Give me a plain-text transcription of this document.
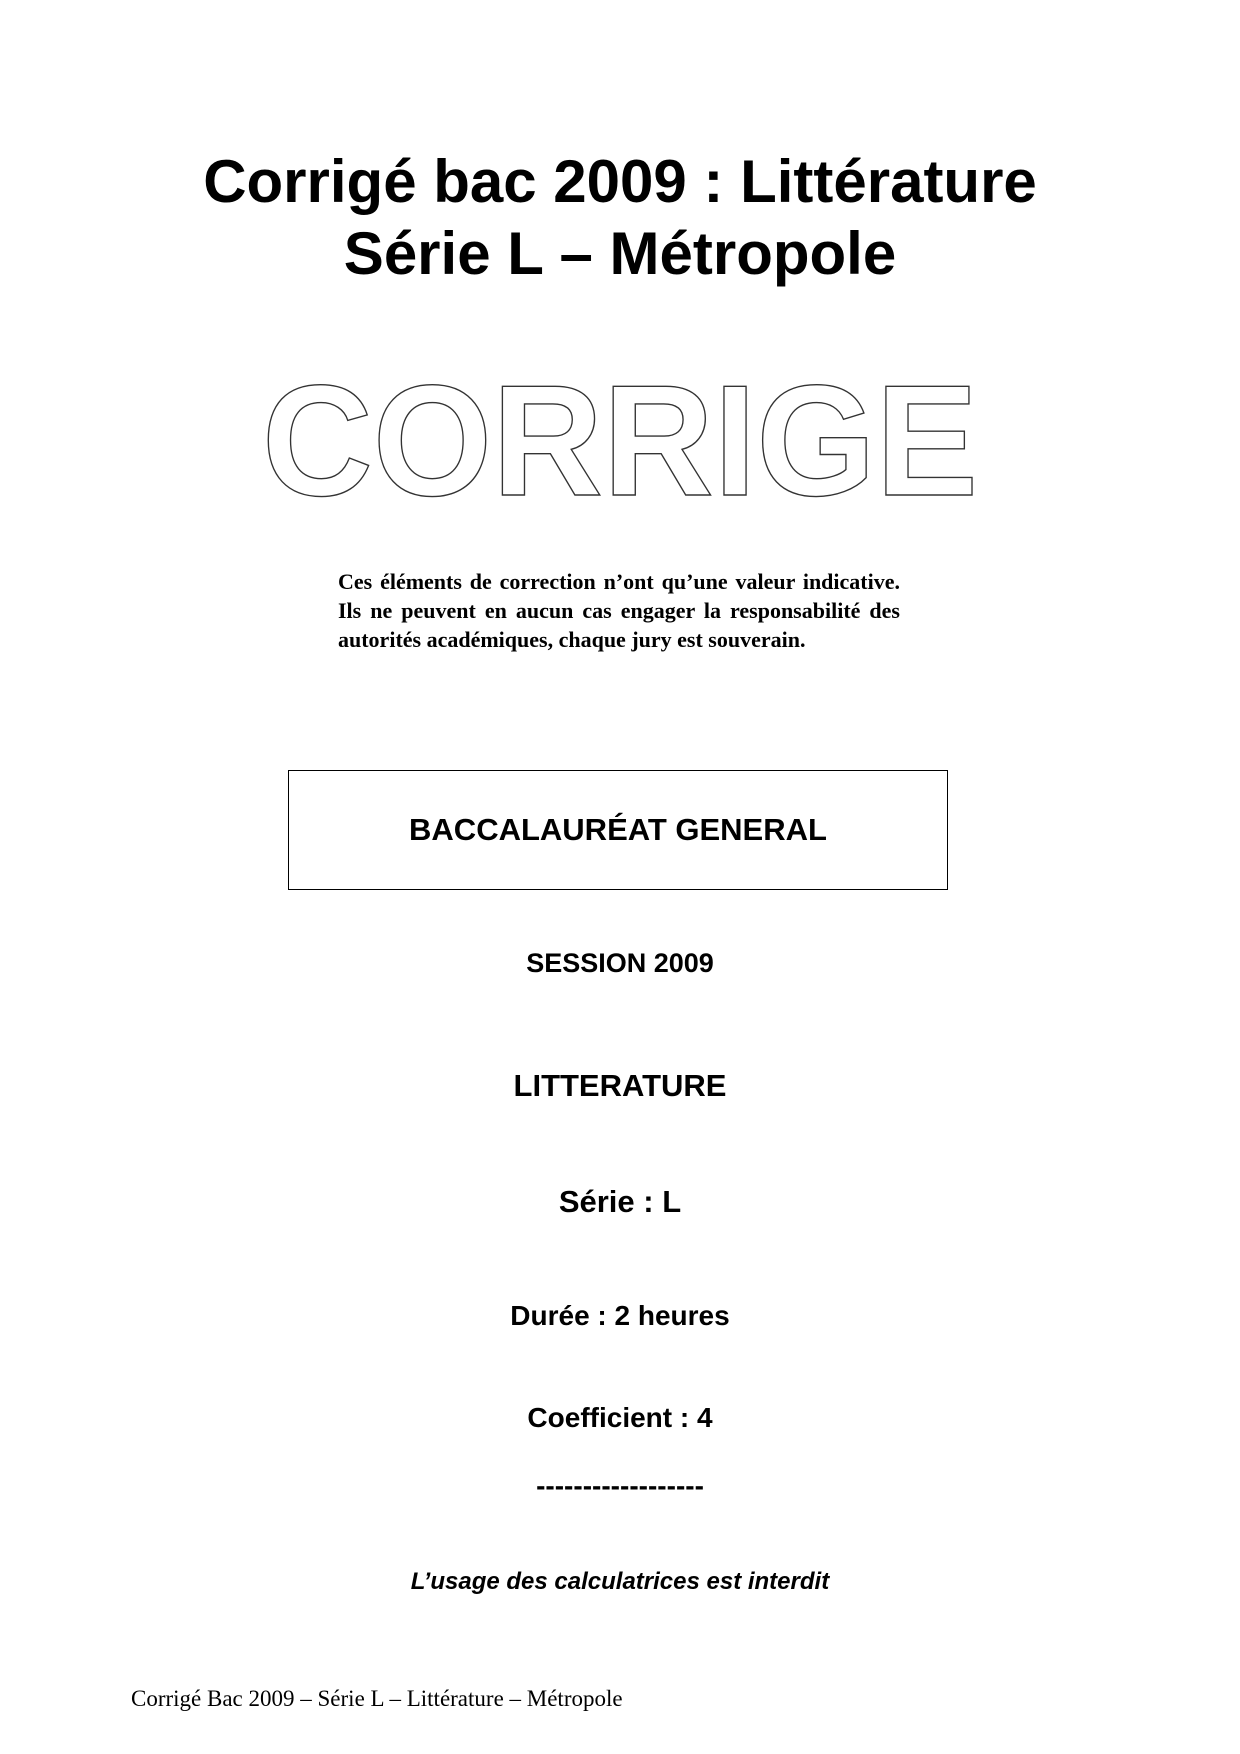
Corrigé bac 2009 : Littérature
Série L – Métropole
CORRIGE

Ces éléments de correction n’ont qu’une valeur indicative. Ils ne peuvent en aucun cas engager la responsabilité des autorités académiques, chaque jury est souverain.

BACCALAURÉAT GENERAL

SESSION 2009

LITTERATURE

Série : L

Durée : 2 heures

Coefficient : 4

------------------

L’usage des calculatrices est interdit

Corrigé Bac 2009 – Série L – Littérature – Métropole
